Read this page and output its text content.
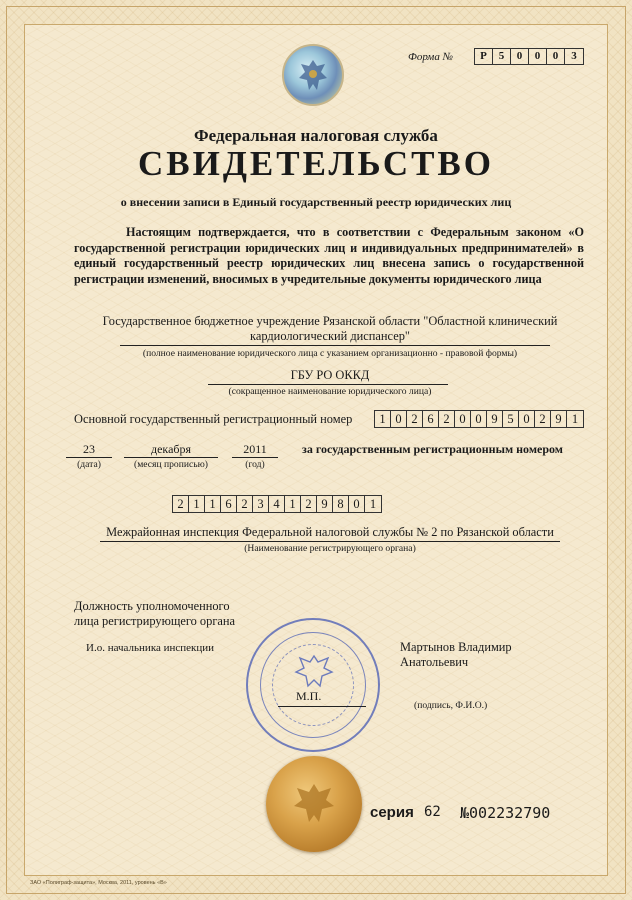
Форма №	Р	5	0	0	0	3
Федеральная налоговая служба
СВИДЕТЕЛЬСТВО
о внесении записи в Единый государственный реестр юридических лиц
Настоящим подтверждается, что в соответствии с Федеральным законом «О государственной регистрации юридических лиц и индивидуальных предпринимателей» в единый государственный реестр юридических лиц внесена запись о государственной регистрации изменений, вносимых в учредительные документы юридического лица
Государственное бюджетное учреждение Рязанской области "Областной клинический
кардиологический диспансер"
(полное наименование юридического лица с указанием организационно - правовой формы)
ГБУ РО ОККД
(сокращенное наименование юридического лица)
Основной государственный регистрационный номер	1 0 2 6 2 0 0 9 5 0 2 9 1
23
(дата)
декабря
(месяц прописью)
2011
(год)
за государственным регистрационным номером
2 1 1 6 2 3 4 1 2 9 8 0 1
Межрайонная инспекция Федеральной налоговой службы № 2 по Рязанской области
(Наименование регистрирующего органа)
Должность уполномоченного
лица регистрирующего органа
И.о. начальника инспекции
М.П.
Мартынов Владимир
Анатольевич
(подпись, Ф.И.О.)
серия 62 №002232790
ЗАО «Полиграф-защита», Москва, 2011, уровень «В»
